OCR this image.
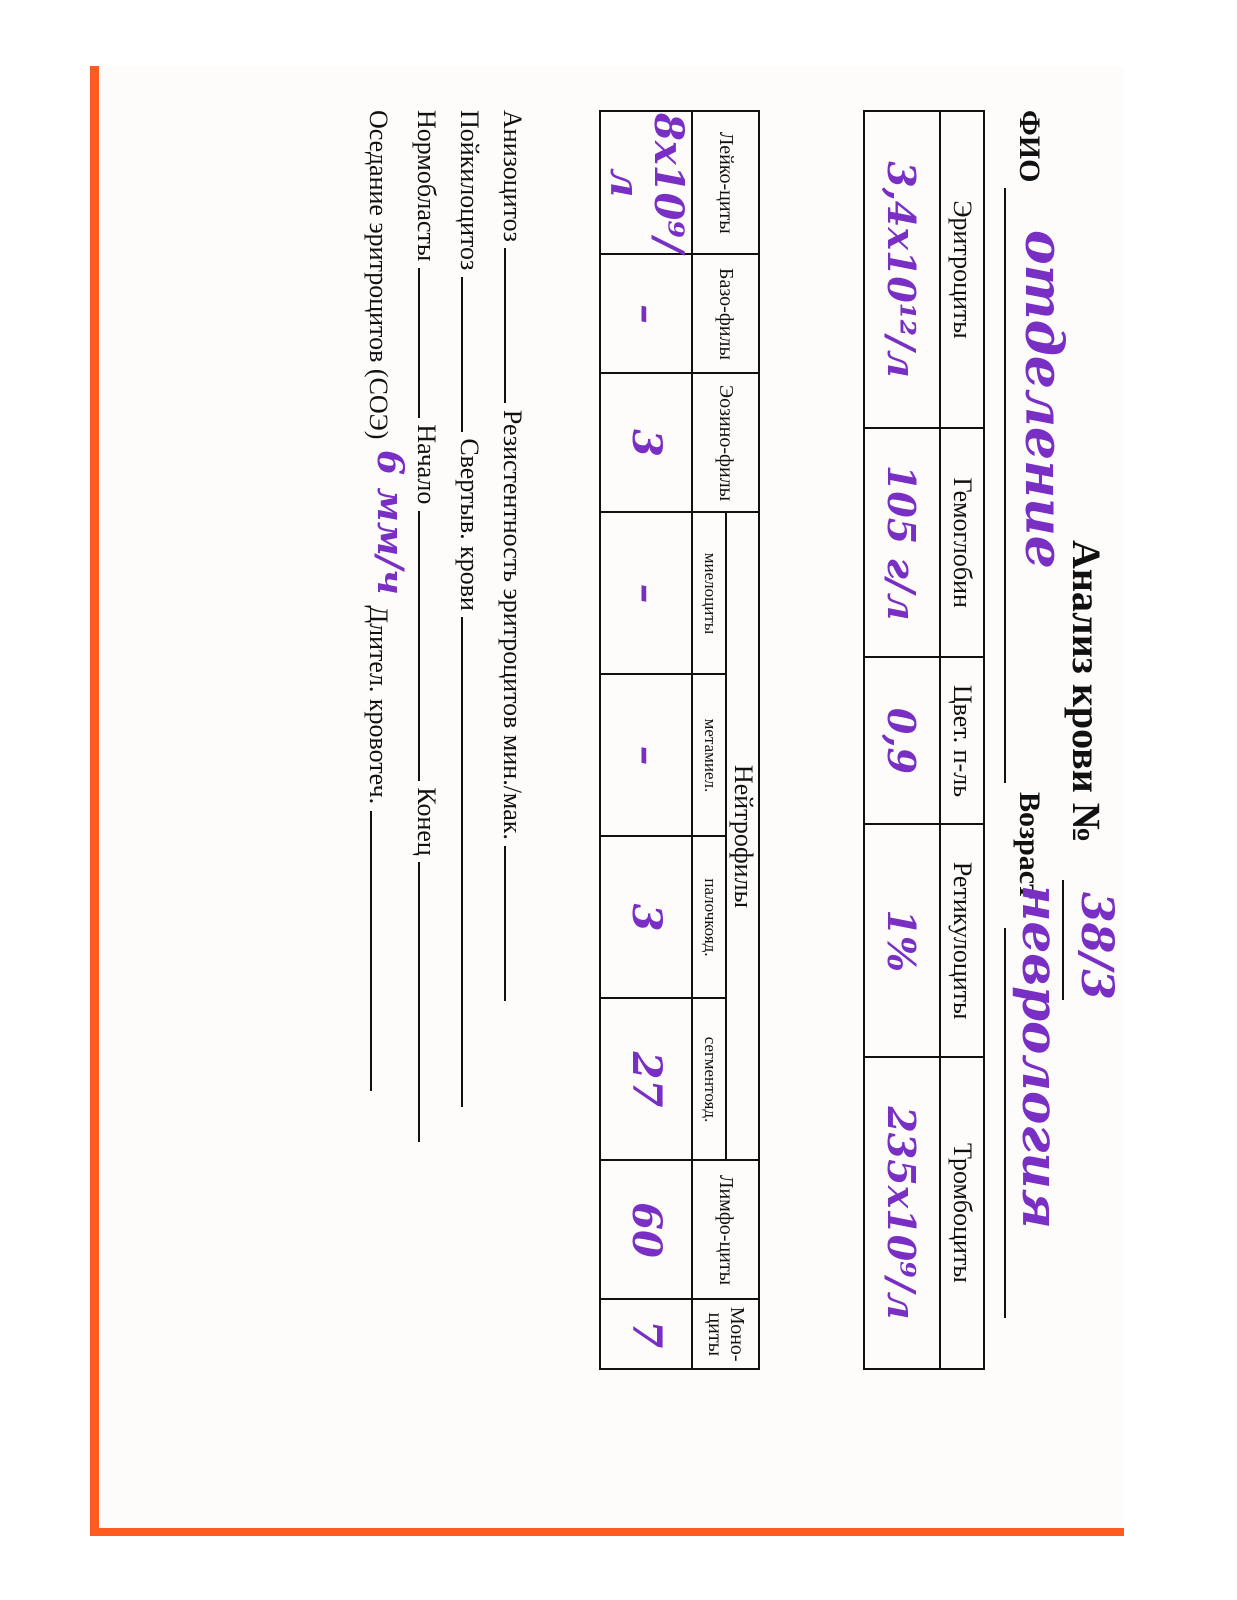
Анализ крови №
38/3
ФИО
отделение
Возраст
неврология
Эритроциты	Гемоглобин	Цвет. п-ль	Ретикулоциты	Тромбоциты
3,4х10¹²/л	105 г/л	0,9	1%	235х10⁹/л
Лейко-циты	Базо-филы	Эозино-филы	Нейтрофилы				Лимфо-циты	Моно-циты
			миелоциты	метамиел.	палочкояд.	сегментояд.		
8х10⁹/л	–	3	–	–	3	27	60	7
Анизоцитоз  Резистентность эритроцитов мин./мак.
Пойкилоцитоз  Свертыв. крови
Нормобласты  Начало  Конец
Оседание эритроцитов (СОЭ) 6 мм/ч Длител. кровотеч.
